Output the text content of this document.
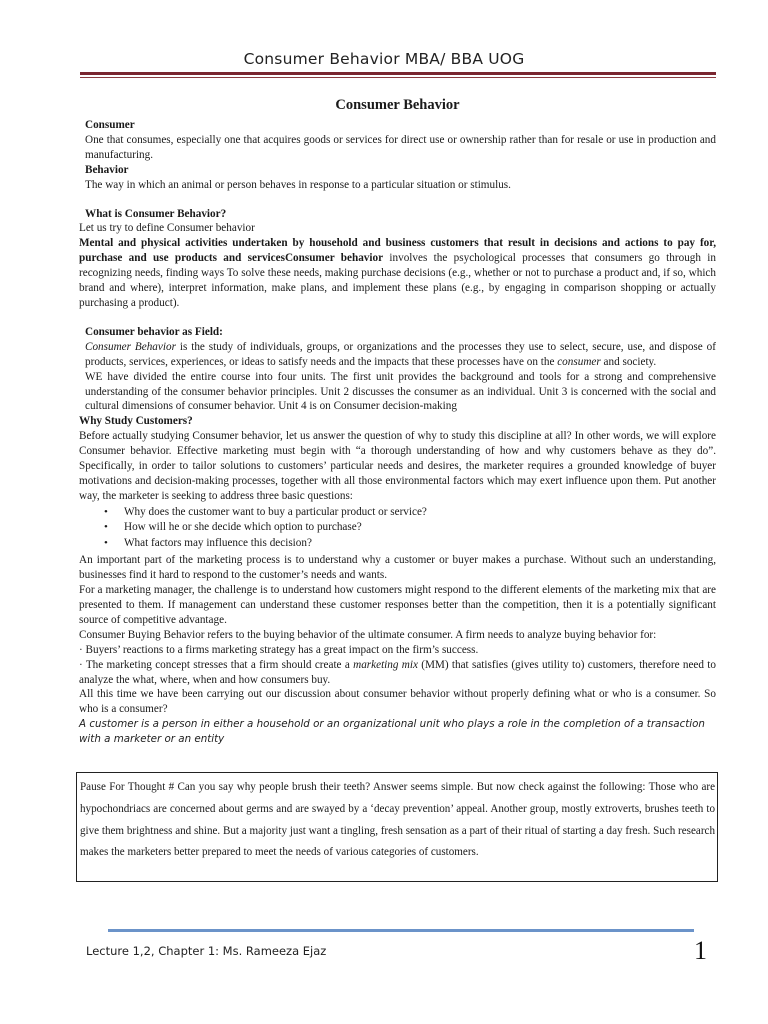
Consumer Behavior MBA/ BBA UOG

Consumer Behavior

Consumer

One that consumes, especially one that acquires goods or services for direct use or ownership rather than for resale or use in production and manufacturing.

Behavior

The way in which an animal or person behaves in response to a particular situation or stimulus.

What is Consumer Behavior?

Let us try to define Consumer behavior

Mental and physical activities undertaken by household and business customers that result in decisions and actions to pay for, purchase and use products and servicesConsumer behavior involves the psychological processes that consumers go through in recognizing needs, finding ways To solve these needs, making purchase decisions (e.g., whether or not to purchase a product and, if so, which brand and where), interpret information, make plans, and implement these plans (e.g., by engaging in comparison shopping or actually purchasing a product).

Consumer behavior as Field:

Consumer Behavior is the study of individuals, groups, or organizations and the processes they use to select, secure, use, and dispose of products, services, experiences, or ideas to satisfy needs and the impacts that these processes have on the consumer and society.

WE have divided the entire course into four units. The first unit provides the background and tools for a strong and comprehensive understanding of the consumer behavior principles. Unit 2 discusses the consumer as an individual. Unit 3 is concerned with the social and cultural dimensions of consumer behavior. Unit 4 is on Consumer decision-making

Why Study Customers?

Before actually studying Consumer behavior, let us answer the question of why to study this discipline at all? In other words, we will explore Consumer behavior. Effective marketing must begin with “a thorough understanding of how and why customers behave as they do”. Specifically, in order to tailor solutions to customers’ particular needs and desires, the marketer requires a grounded knowledge of buyer motivations and decision-making processes, together with all those environmental factors which may exert influence upon them. Put another way, the marketer is seeking to address three basic questions:

• Why does the customer want to buy a particular product or service?
• How will he or she decide which option to purchase?
• What factors may influence this decision?

An important part of the marketing process is to understand why a customer or buyer makes a purchase. Without such an understanding, businesses find it hard to respond to the customer’s needs and wants.

For a marketing manager, the challenge is to understand how customers might respond to the different elements of the marketing mix that are presented to them. If management can understand these customer responses better than the competition, then it is a potentially significant source of competitive advantage.

Consumer Buying Behavior refers to the buying behavior of the ultimate consumer. A firm needs to analyze buying behavior for:

· Buyers’ reactions to a firms marketing strategy has a great impact on the firm’s success.

· The marketing concept stresses that a firm should create a marketing mix (MM) that satisfies (gives utility to) customers, therefore need to analyze the what, where, when and how consumers buy.

All this time we have been carrying out our discussion about consumer behavior without properly defining what or who is a consumer. So who is a consumer?

A customer is a person in either a household or an organizational unit who plays a role in the completion of a transaction with a marketer or an entity

Pause For Thought # Can you say why people brush their teeth? Answer seems simple. But now check against the following: Those who are hypochondriacs are concerned about germs and are swayed by a ‘decay prevention’ appeal. Another group, mostly extroverts, brushes teeth to give them brightness and shine. But a majority just want a tingling, fresh sensation as a part of their ritual of starting a day fresh. Such research makes the marketers better prepared to meet the needs of various categories of customers.
Lecture 1,2, Chapter 1: Ms. Rameeza Ejaz	1
